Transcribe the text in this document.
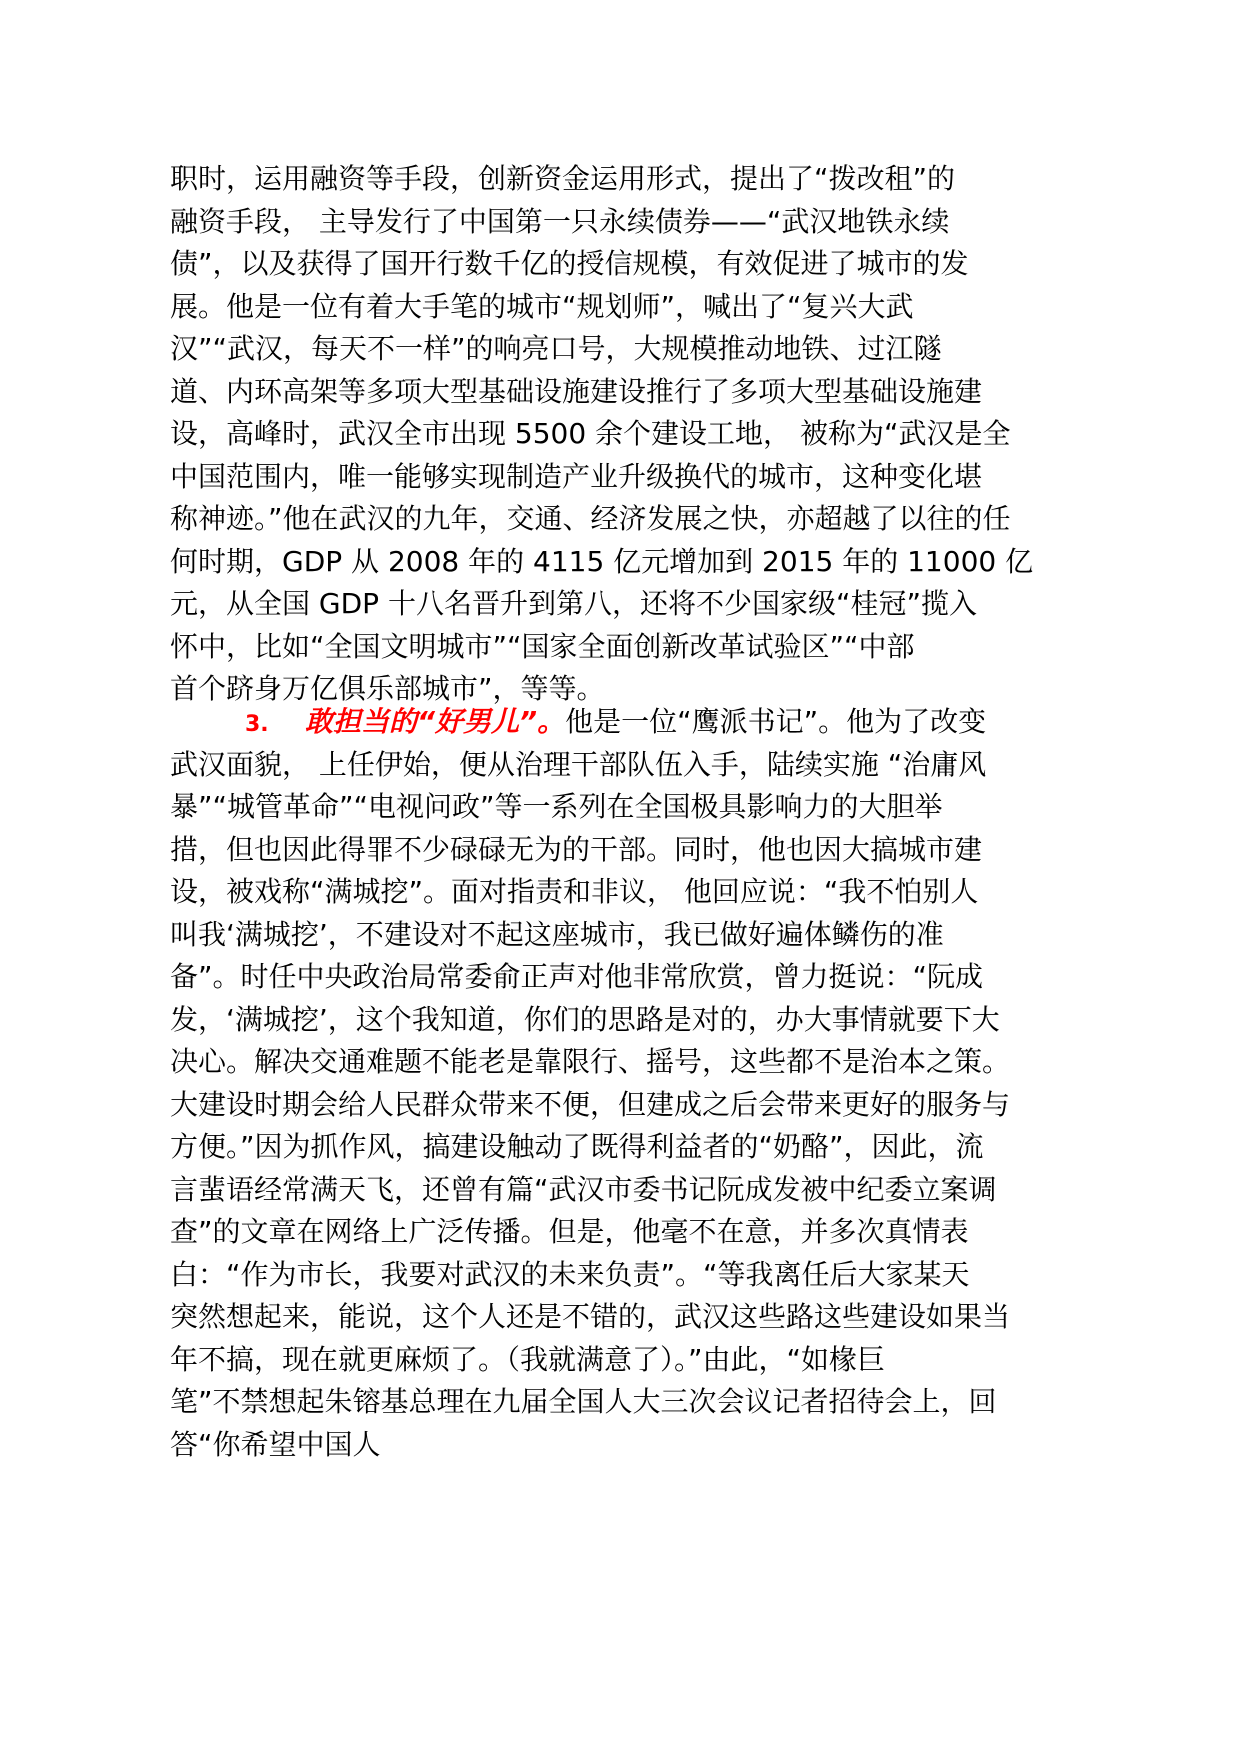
职时，运用融资等手段，创新资金运用形式，提出了“拨改租”的
融资手段， 主导发行了中国第一只永续债券——“武汉地铁永续
债”，以及获得了国开行数千亿的授信规模，有效促进了城市的发
展。他是一位有着大手笔的城市“规划师”，喊出了“复兴大武
汉”“武汉，每天不一样”的响亮口号，大规模推动地铁、过江隧
道、内环高架等多项大型基础设施建设推行了多项大型基础设施建
设，高峰时，武汉全市出现 5500 余个建设工地， 被称为“武汉是全
中国范围内，唯一能够实现制造产业升级换代的城市，这种变化堪
称神迹。”他在武汉的九年，交通、经济发展之快，亦超越了以往的任
何时期，GDP 从 2008 年的 4115 亿元增加到 2015 年的 11000 亿
元，从全国 GDP 十八名晋升到第八，还将不少国家级“桂冠”揽入
怀中，比如“全国文明城市”“国家全面创新改革试验区”“中部
首个跻身万亿俱乐部城市”，等等。
3. 敢担当的“好男儿”。他是一位“鹰派书记”。他为了改变
武汉面貌， 上任伊始，便从治理干部队伍入手，陆续实施 “治庸风
暴”“城管革命”“电视问政”等一系列在全国极具影响力的大胆举
措，但也因此得罪不少碌碌无为的干部。同时，他也因大搞城市建
设，被戏称“满城挖”。面对指责和非议， 他回应说：“我不怕别人
叫我‘满城挖’，不建设对不起这座城市，我已做好遍体鳞伤的准
备”。时任中央政治局常委俞正声对他非常欣赏，曾力挺说：“阮成
发，‘满城挖’，这个我知道，你们的思路是对的，办大事情就要下大
决心。解决交通难题不能老是靠限行、摇号，这些都不是治本之策。
大建设时期会给人民群众带来不便，但建成之后会带来更好的服务与
方便。”因为抓作风，搞建设触动了既得利益者的“奶酪”，因此，流
言蜚语经常满天飞，还曾有篇“武汉市委书记阮成发被中纪委立案调
查”的文章在网络上广泛传播。但是，他毫不在意，并多次真情表
白：“作为市长，我要对武汉的未来负责”。“等我离任后大家某天
突然想起来，能说，这个人还是不错的，武汉这些路这些建设如果当
年不搞，现在就更麻烦了。（我就满意了）。”由此，“如椽巨
笔”不禁想起朱镕基总理在九届全国人大三次会议记者招待会上，回
答“你希望中国人
